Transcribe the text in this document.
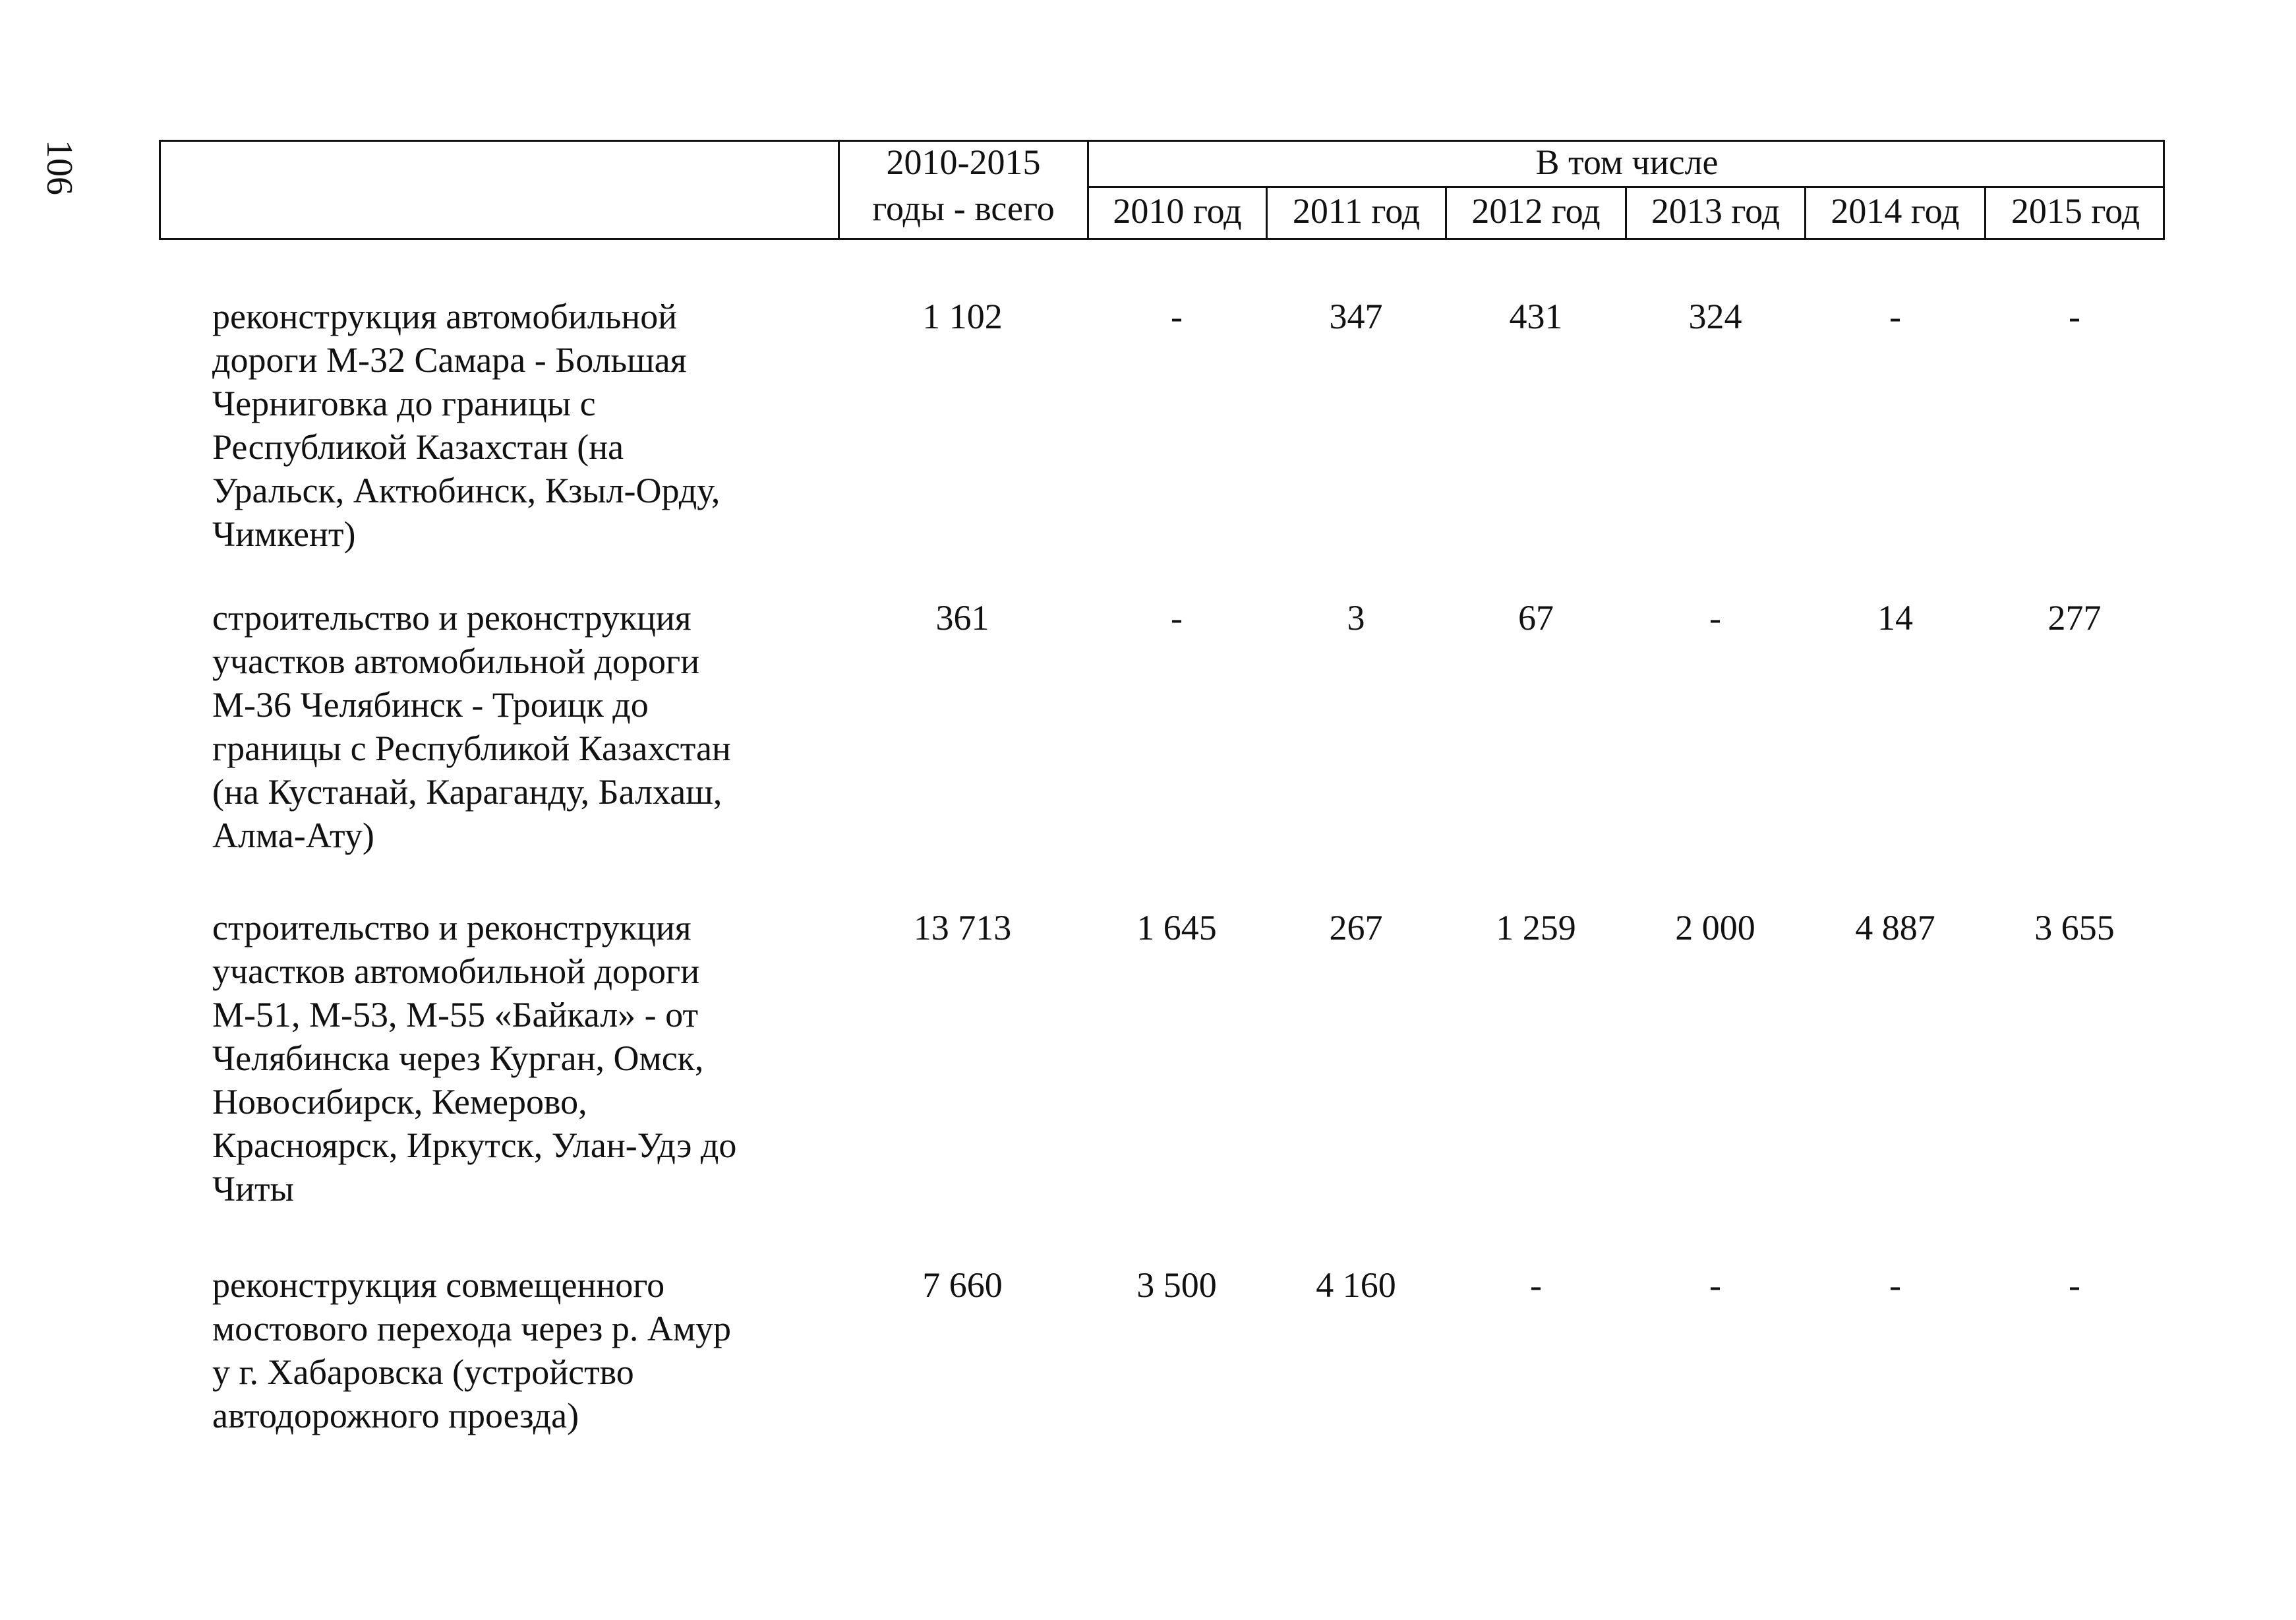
106	2010-2015
годы - всего
В том числе
2010 год	2011 год	2012 год	2013 год	2014 год	2015 год
реконструкция автомобильной
дороги М-32 Самара - Большая
Черниговка до границы с
Республикой Казахстан (на
Уральск, Актюбинск, Кзыл-Орду,
Чимкент)
1 102	-	347	431	324	-	-
строительство и реконструкция
участков автомобильной дороги
М-36 Челябинск - Троицк до
границы с Республикой Казахстан
(на Кустанай, Караганду, Балхаш,
Алма-Ату)
361	-	3	67	-	14	277
строительство и реконструкция
участков автомобильной дороги
М-51, М-53, М-55 «Байкал» - от
Челябинска через Курган, Омск,
Новосибирск, Кемерово,
Красноярск, Иркутск, Улан-Удэ до
Читы
13 713	1 645	267	1 259	2 000	4 887	3 655
реконструкция совмещенного
мостового перехода через р. Амур
у г. Хабаровска (устройство
автодорожного проезда)
7 660	3 500	4 160	-	-	-	-
